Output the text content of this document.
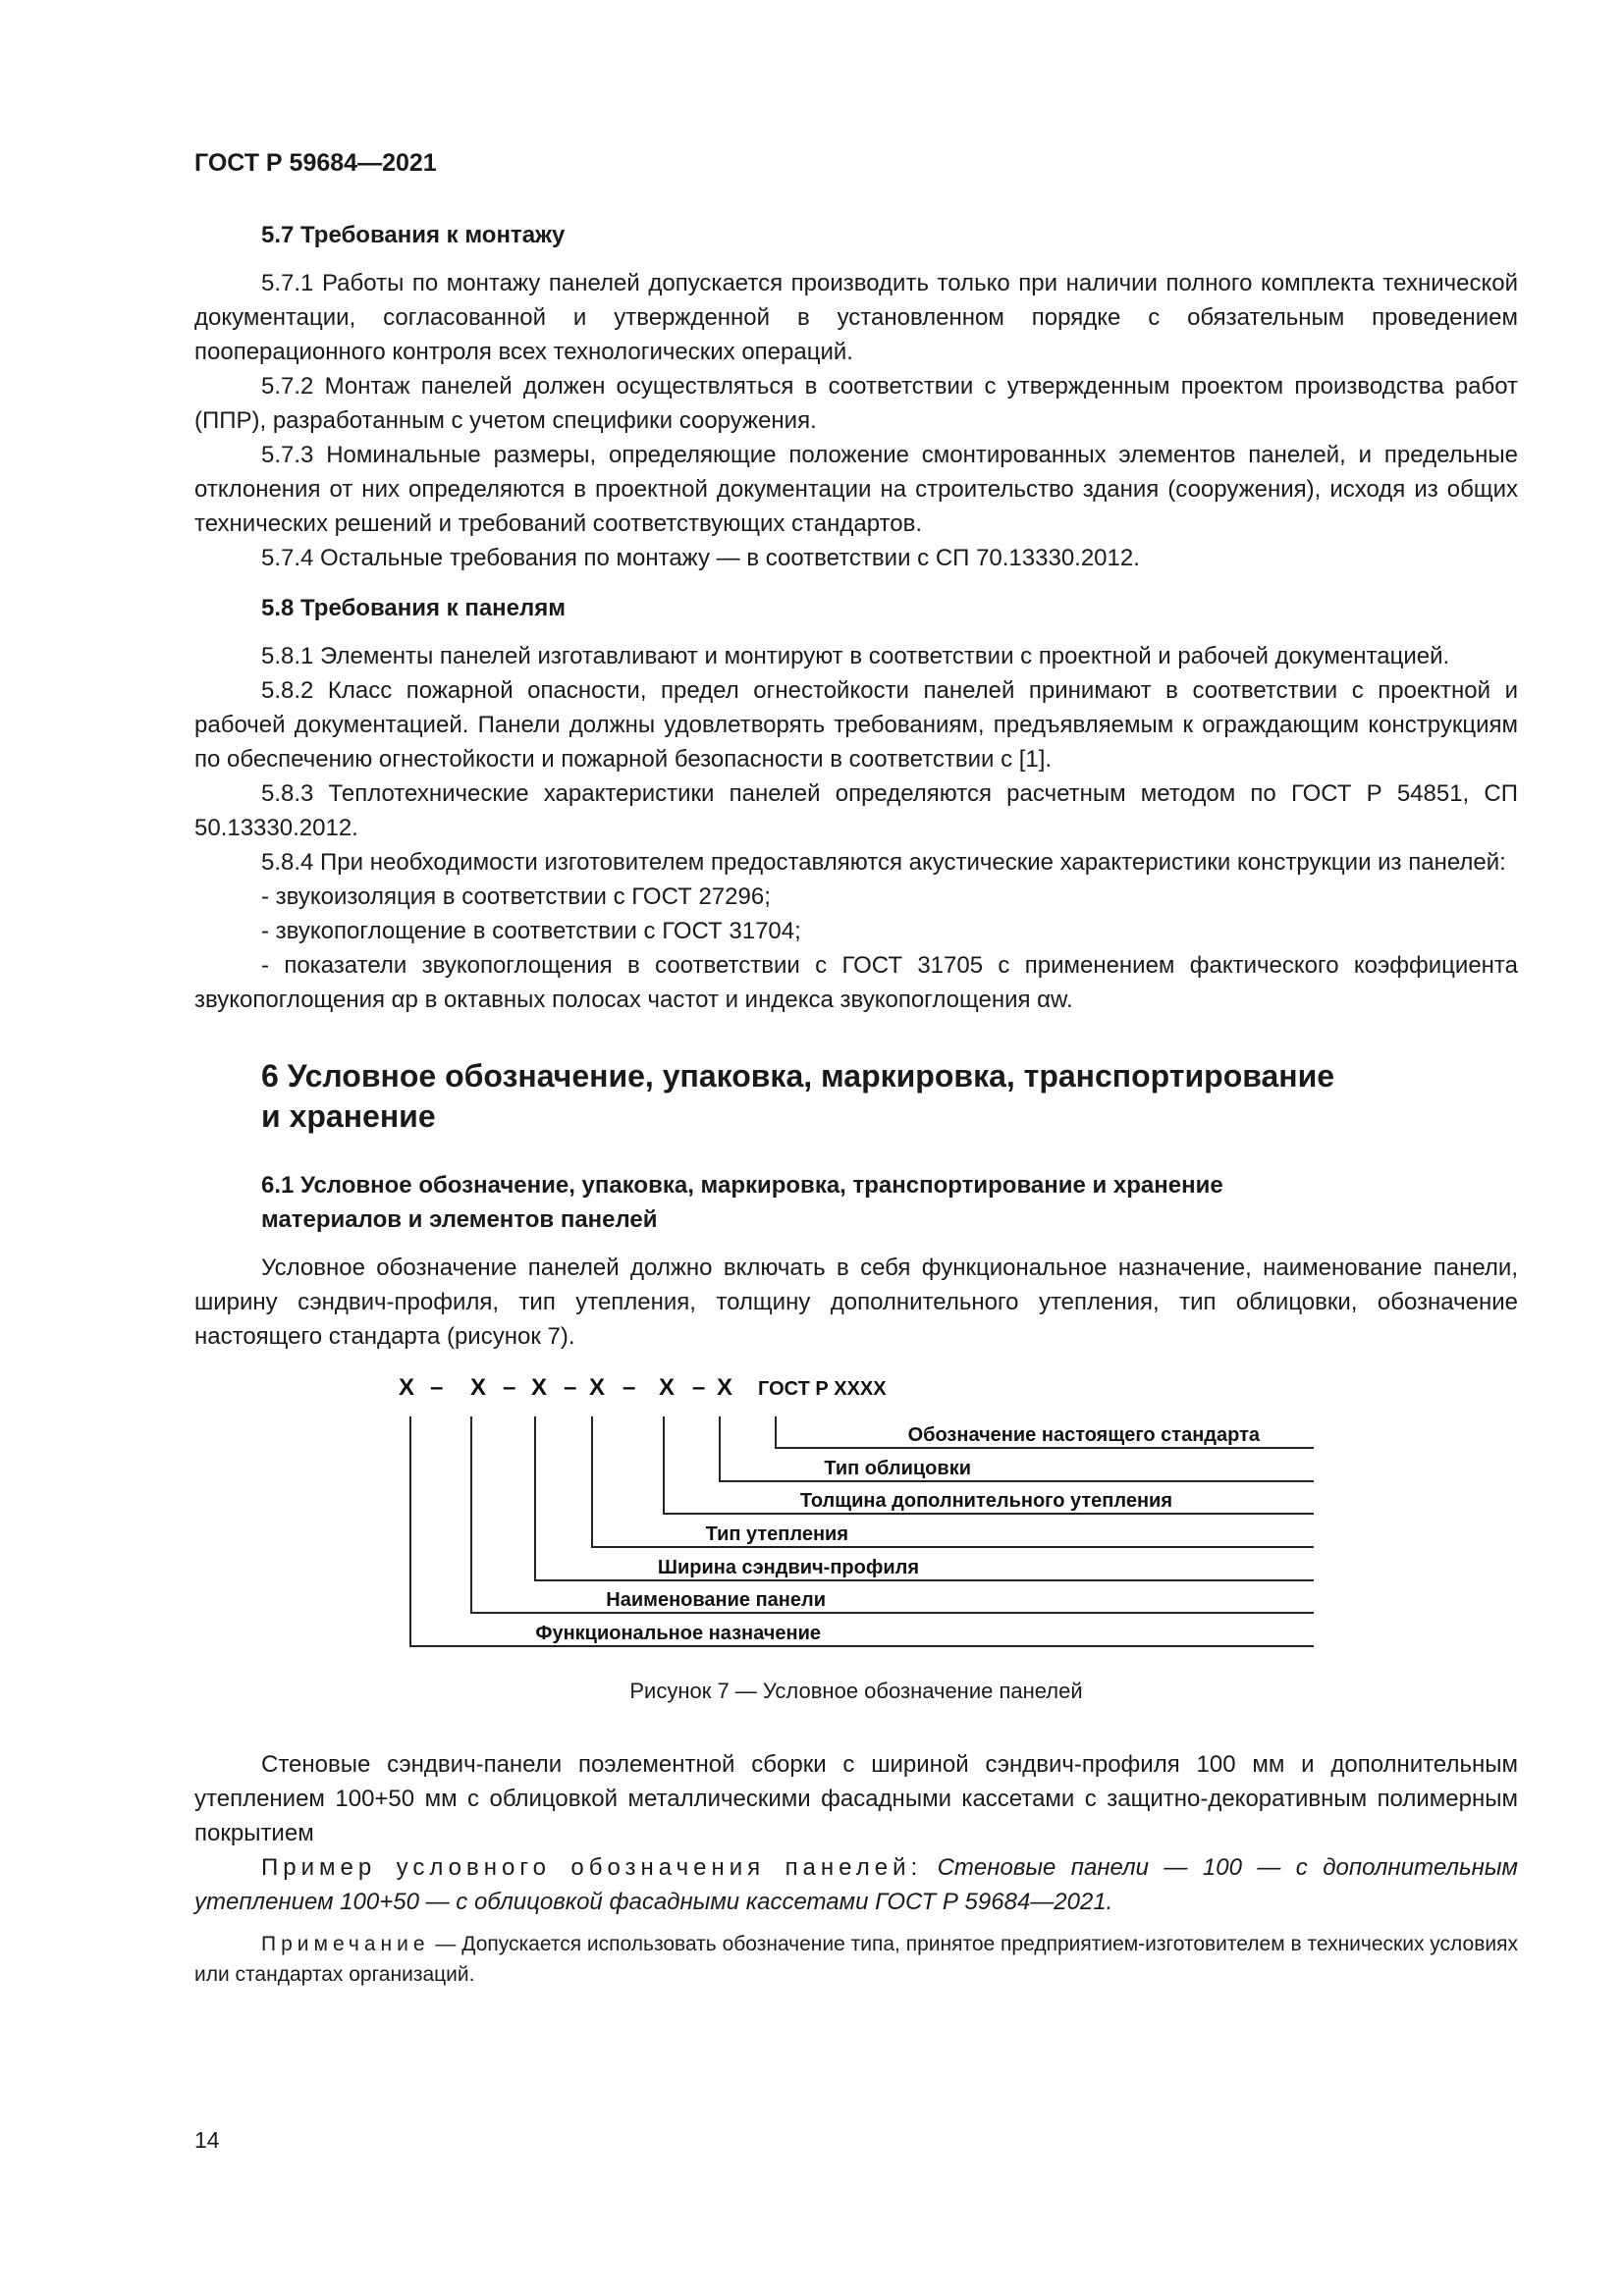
ГОСТ Р 59684—2021
5.7 Требования к монтажу

5.7.1 Работы по монтажу панелей допускается производить только при наличии полного комплекта технической документации, согласованной и утвержденной в установленном порядке с обязательным проведением пооперационного контроля всех технологических операций.

5.7.2 Монтаж панелей должен осуществляться в соответствии с утвержденным проектом производства работ (ППР), разработанным с учетом специфики сооружения.

5.7.3 Номинальные размеры, определяющие положение смонтированных элементов панелей, и предельные отклонения от них определяются в проектной документации на строительство здания (сооружения), исходя из общих технических решений и требований соответствующих стандартов.

5.7.4 Остальные требования по монтажу — в соответствии с СП 70.13330.2012.

5.8 Требования к панелям

5.8.1 Элементы панелей изготавливают и монтируют в соответствии с проектной и рабочей документацией.

5.8.2 Класс пожарной опасности, предел огнестойкости панелей принимают в соответствии с проектной и рабочей документацией. Панели должны удовлетворять требованиям, предъявляемым к ограждающим конструкциям по обеспечению огнестойкости и пожарной безопасности в соответствии с [1].

5.8.3 Теплотехнические характеристики панелей определяются расчетным методом по ГОСТ Р 54851, СП 50.13330.2012.

5.8.4 При необходимости изготовителем предоставляются акустические характеристики конструкции из панелей:

- звукоизоляция в соответствии с ГОСТ 27296;

- звукопоглощение в соответствии с ГОСТ 31704;

- показатели звукопоглощения в соответствии с ГОСТ 31705 с применением фактического коэффициента звукопоглощения αр в октавных полосах частот и индекса звукопоглощения αw.

6 Условное обозначение, упаковка, маркировка, транспортирование
и хранение
6.1 Условное обозначение, упаковка, маркировка, транспортирование и хранение
материалов и элементов панелей

Условное обозначение панелей должно включать в себя функциональное назначение, наименование панели, ширину сэндвич-профиля, тип утепления, толщину дополнительного утепления, тип облицовки, обозначение настоящего стандарта (рисунок 7).

Х – Х – Х – Х – Х – Х ГОСТ Р ХХХХ
Обозначение настоящего стандарта
Тип облицовки
Толщина дополнительного утепления
Тип утепления
Ширина сэндвич-профиля
Наименование панели
Функциональное назначение
Рисунок 7 — Условное обозначение панелей

Стеновые сэндвич-панели поэлементной сборки с шириной сэндвич-профиля 100 мм и дополнительным утеплением 100+50 мм с облицовкой металлическими фасадными кассетами с защитно-декоративным полимерным покрытием

Пример условного обозначения панелей: Стеновые панели — 100 — с дополнительным утеплением 100+50 — с облицовкой фасадными кассетами ГОСТ Р 59684—2021.

Примечание — Допускается использовать обозначение типа, принятое предприятием-изготовителем в технических условиях или стандартах организаций.

14
